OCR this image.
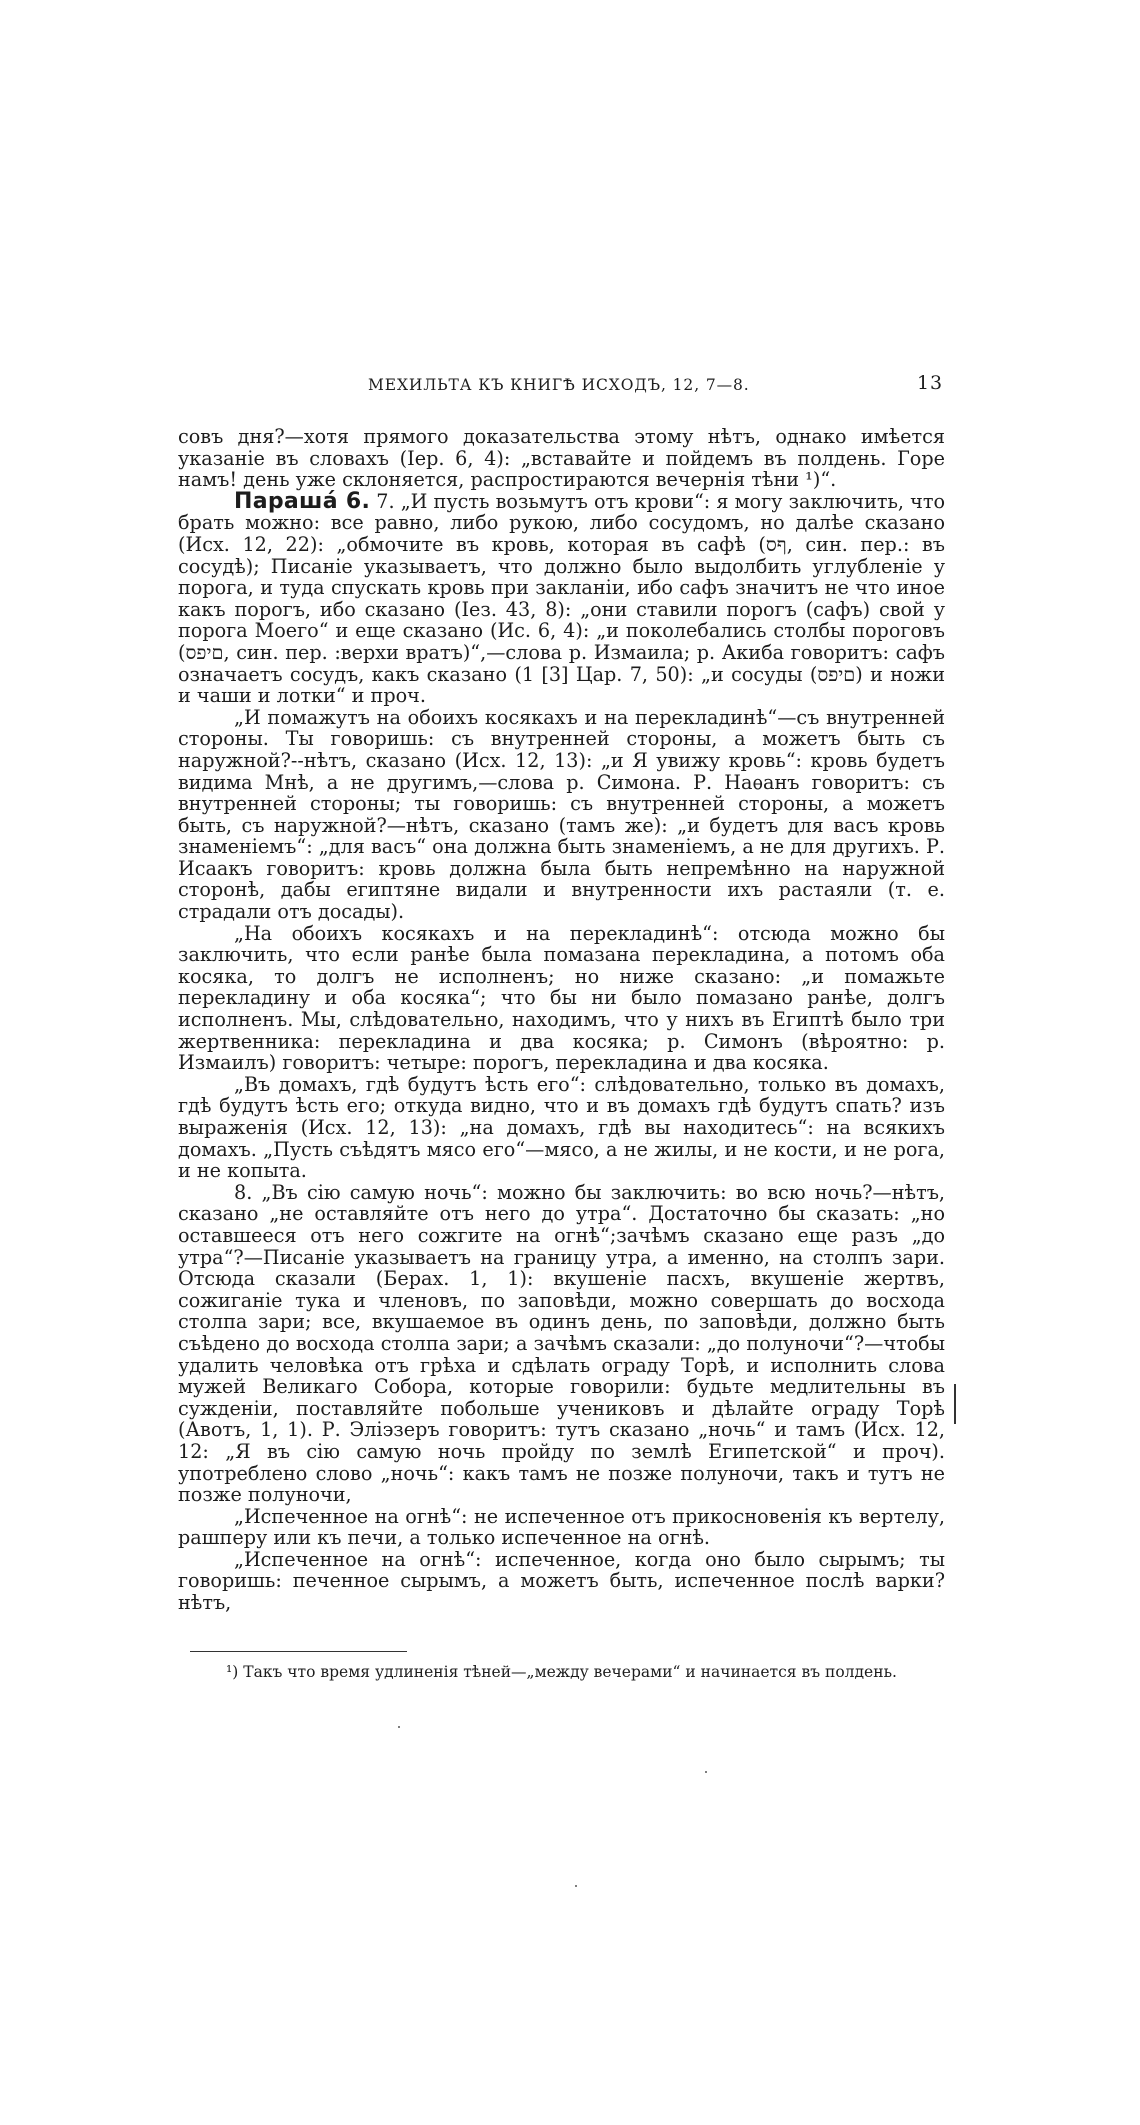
МЕХИЛЬТА КЪ КНИГѢ ИСХОДЪ, 12, 7—8.	13

совъ дня?—хотя прямого доказательства этому нѣтъ, однако имѣется указаніе въ словахъ (Iер. 6, 4): „вставайте и пойдемъ въ полдень. Горе намъ! день уже склоняется, распростираются вечернія тѣни ¹)“.

Параша́ 6. 7. „И пусть возьмутъ отъ крови“: я могу заключить, что брать можно: все равно, либо рукою, либо сосудомъ, но далѣе сказано (Исх. 12, 22): „обмочите въ кровь, которая въ сафѣ (ףס, син. пер.: въ сосудѣ); Писаніе указываетъ, что должно было выдолбить углубленіе у порога, и туда спускать кровь при закланіи, ибо сафъ значитъ не что иное какъ порогъ, ибо сказано (Iез. 43, 8): „они ставили порогъ (сафъ) свой у порога Моего“ и еще сказано (Ис. 6, 4): „и поколебались столбы пороговъ (םיפס, син. пер. :верхи вратъ)“,—слова р. Измаила; р. Акиба говоритъ: сафъ означаетъ сосудъ, какъ сказано (1 [3] Цар. 7, 50): „и сосуды (םיפס) и ножи и чаши и лотки“ и проч.

„И помажутъ на обоихъ косякахъ и на перекладинѣ“—съ внутренней стороны. Ты говоришь: съ внутренней стороны, а можетъ быть съ наружной?--нѣтъ, сказано (Исх. 12, 13): „и Я увижу кровь“: кровь будетъ видима Мнѣ, а не другимъ,—слова р. Симона. Р. Наѳанъ говоритъ: съ внутренней стороны; ты говоришь: съ внутренней стороны, а можетъ быть, съ наружной?—нѣтъ, сказано (тамъ же): „и будетъ для васъ кровь знаменіемъ“: „для васъ“ она должна быть знаменіемъ, а не для другихъ. Р. Исаакъ говоритъ: кровь должна была быть непремѣнно на наружной сторонѣ, дабы египтяне видали и внутренности ихъ растаяли (т. е. страдали отъ досады).

„На обоихъ косякахъ и на перекладинѣ“: отсюда можно бы заключить, что если ранѣе была помазана перекладина, а потомъ оба косяка, то долгъ не исполненъ; но ниже сказано: „и помажьте перекладину и оба косяка“; что бы ни было помазано ранѣе, долгъ исполненъ. Мы, слѣдовательно, находимъ, что у нихъ въ Египтѣ было три жертвенника: перекладина и два косяка; р. Симонъ (вѣроятно: р. Измаилъ) говоритъ: четыре: порогъ, перекладина и два косяка.

„Въ домахъ, гдѣ будутъ ѣсть его“: слѣдовательно, только въ домахъ, гдѣ будутъ ѣсть его; откуда видно, что и въ домахъ гдѣ будутъ спать? изъ выраженія (Исх. 12, 13): „на домахъ, гдѣ вы находитесь“: на всякихъ домахъ. „Пусть съѣдятъ мясо его“—мясо, а не жилы, и не кости, и не рога, и не копыта.

8. „Въ сію самую ночь“: можно бы заключить: во всю ночь?—нѣтъ, сказано „не оставляйте отъ него до утра“. Достаточно бы сказать: „но оставшееся отъ него сожгите на огнѣ“;зачѣмъ сказано еще разъ „до утра“?—Писаніе указываетъ на границу утра, а именно, на столпъ зари. Отсюда сказали (Берах. 1, 1): вкушеніе пасхъ, вкушеніе жертвъ, сожиганіе тука и членовъ, по заповѣди, можно совершать до восхода столпа зари; все, вкушаемое въ одинъ день, по заповѣди, должно быть съѣдено до восхода столпа зари; а зачѣмъ сказали: „до полуночи“?—чтобы удалить человѣка отъ грѣха и сдѣлать ограду Торѣ, и исполнить слова мужей Великаго Собора, которые говорили: будьте медлительны въ сужденіи, поставляйте побольше учениковъ и дѣлайте ограду Торѣ (Авотъ, 1, 1). Р. Эліэзеръ говоритъ: тутъ сказано „ночь“ и тамъ (Исх. 12, 12: „Я въ сію самую ночь пройду по землѣ Египетской“ и проч). употреблено слово „ночь“: какъ тамъ не позже полуночи, такъ и тутъ не позже полуночи,

„Испеченное на огнѣ“: не испеченное отъ прикосновенія къ вертелу, рашперу или къ печи, а только испеченное на огнѣ.

„Испеченное на огнѣ“: испеченное, когда оно было сырымъ; ты говоришь: печенное сырымъ, а можетъ быть, испеченное послѣ варки? нѣтъ,

¹) Такъ что время удлиненія тѣней—„между вечерами“ и начинается въ полдень.
